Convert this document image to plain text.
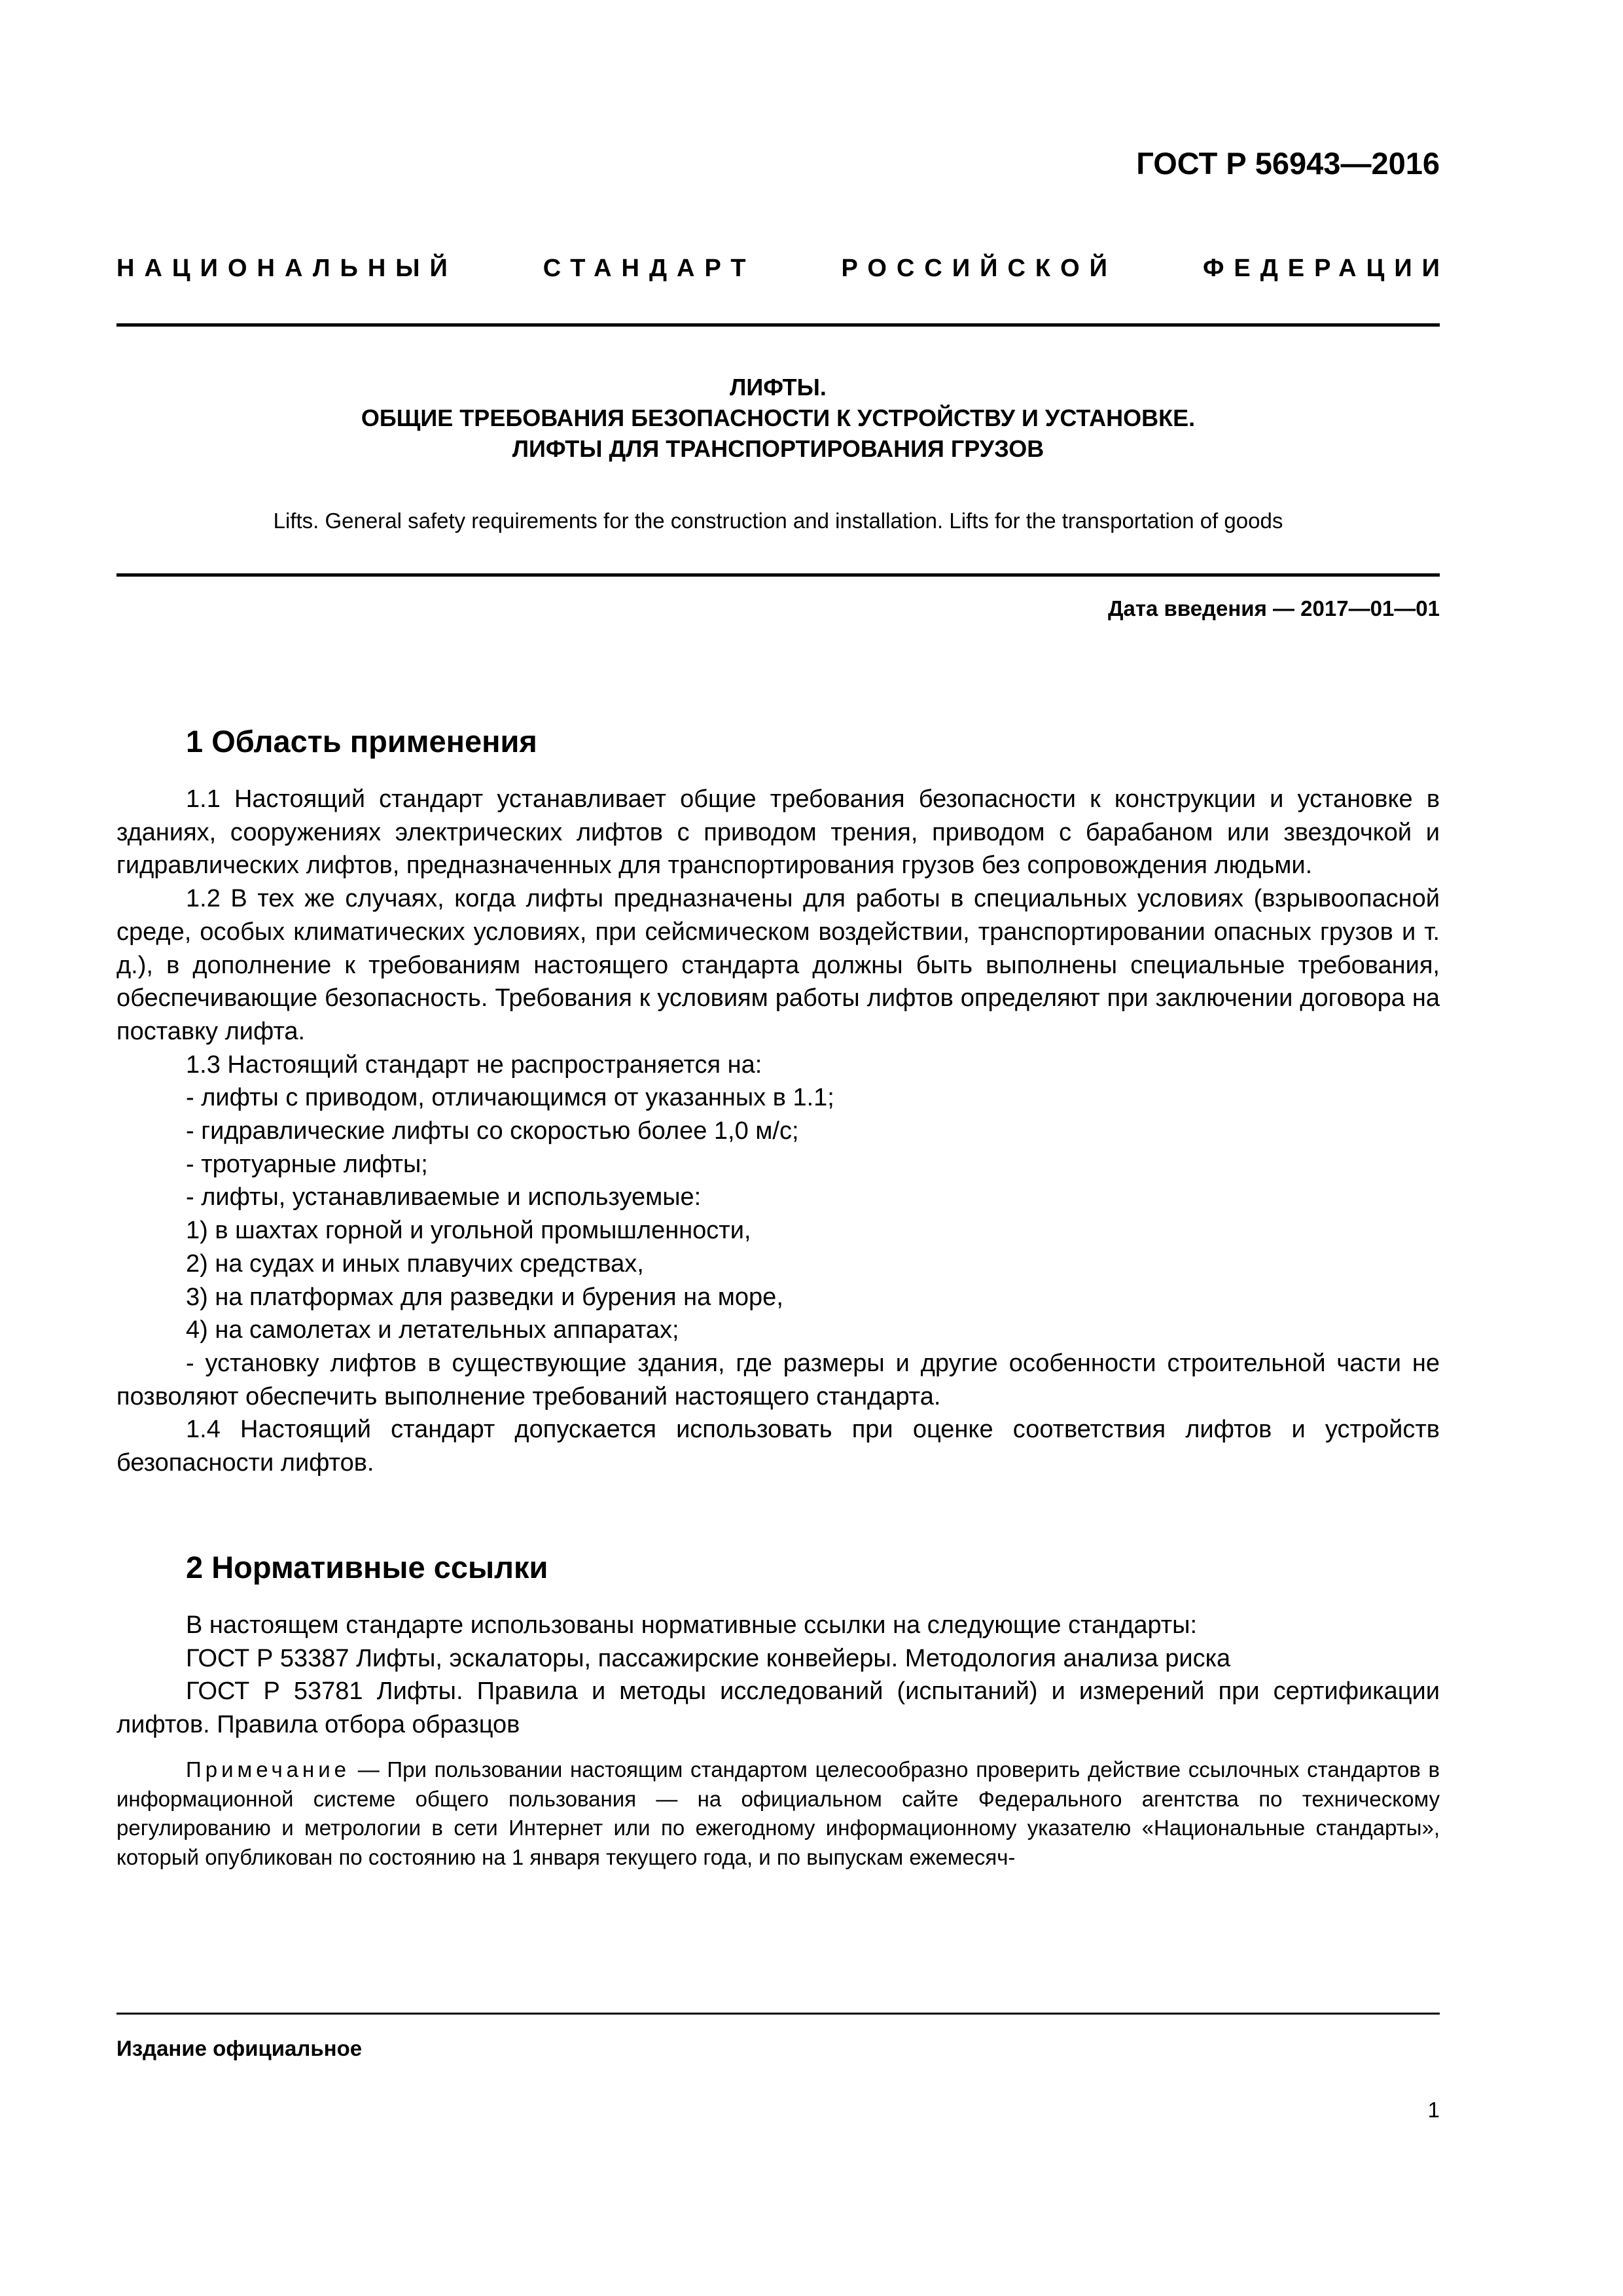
ГОСТ Р 56943—2016
НАЦИОНАЛЬНЫЙ	СТАНДАРТ	РОССИЙСКОЙ	ФЕДЕРАЦИИ
ЛИФТЫ.
ОБЩИЕ ТРЕБОВАНИЯ БЕЗОПАСНОСТИ К УСТРОЙСТВУ И УСТАНОВКЕ.
ЛИФТЫ ДЛЯ ТРАНСПОРТИРОВАНИЯ ГРУЗОВ
Lifts. General safety requirements for the construction and installation. Lifts for the transportation of goods
Дата введения — 2017—01—01
1 Область применения

1.1 Настоящий стандарт устанавливает общие требования безопасности к конструкции и установке в зданиях, сооружениях электрических лифтов с приводом трения, приводом с барабаном или звездочкой и гидравлических лифтов, предназначенных для транспортирования грузов без сопровождения людьми.

1.2 В тех же случаях, когда лифты предназначены для работы в специальных условиях (взрывоопасной среде, особых климатических условиях, при сейсмическом воздействии, транспортировании опасных грузов и т. д.), в дополнение к требованиям настоящего стандарта должны быть выполнены специальные требования, обеспечивающие безопасность. Требования к условиям работы лифтов определяют при заключении договора на поставку лифта.

1.3 Настоящий стандарт не распространяется на:

- лифты с приводом, отличающимся от указанных в 1.1;

- гидравлические лифты со скоростью более 1,0 м/с;

- тротуарные лифты;

- лифты, устанавливаемые и используемые:

1) в шахтах горной и угольной промышленности,

2) на судах и иных плавучих средствах,

3) на платформах для разведки и бурения на море,

4) на самолетах и летательных аппаратах;

- установку лифтов в существующие здания, где размеры и другие особенности строительной части не позволяют обеспечить выполнение требований настоящего стандарта.

1.4 Настоящий стандарт допускается использовать при оценке соответствия лифтов и устройств безопасности лифтов.

2 Нормативные ссылки

В настоящем стандарте использованы нормативные ссылки на следующие стандарты:

ГОСТ Р 53387 Лифты, эскалаторы, пассажирские конвейеры. Методология анализа риска

ГОСТ Р 53781 Лифты. Правила и методы исследований (испытаний) и измерений при сертификации лифтов. Правила отбора образцов

Примечание — При пользовании настоящим стандартом целесообразно проверить действие ссылочных стандартов в информационной системе общего пользования — на официальном сайте Федерального агентства по техническому регулированию и метрологии в сети Интернет или по ежегодному информационному указателю «Национальные стандарты», который опубликован по состоянию на 1 января текущего года, и по выпускам ежемесяч-

Издание официальное
1
